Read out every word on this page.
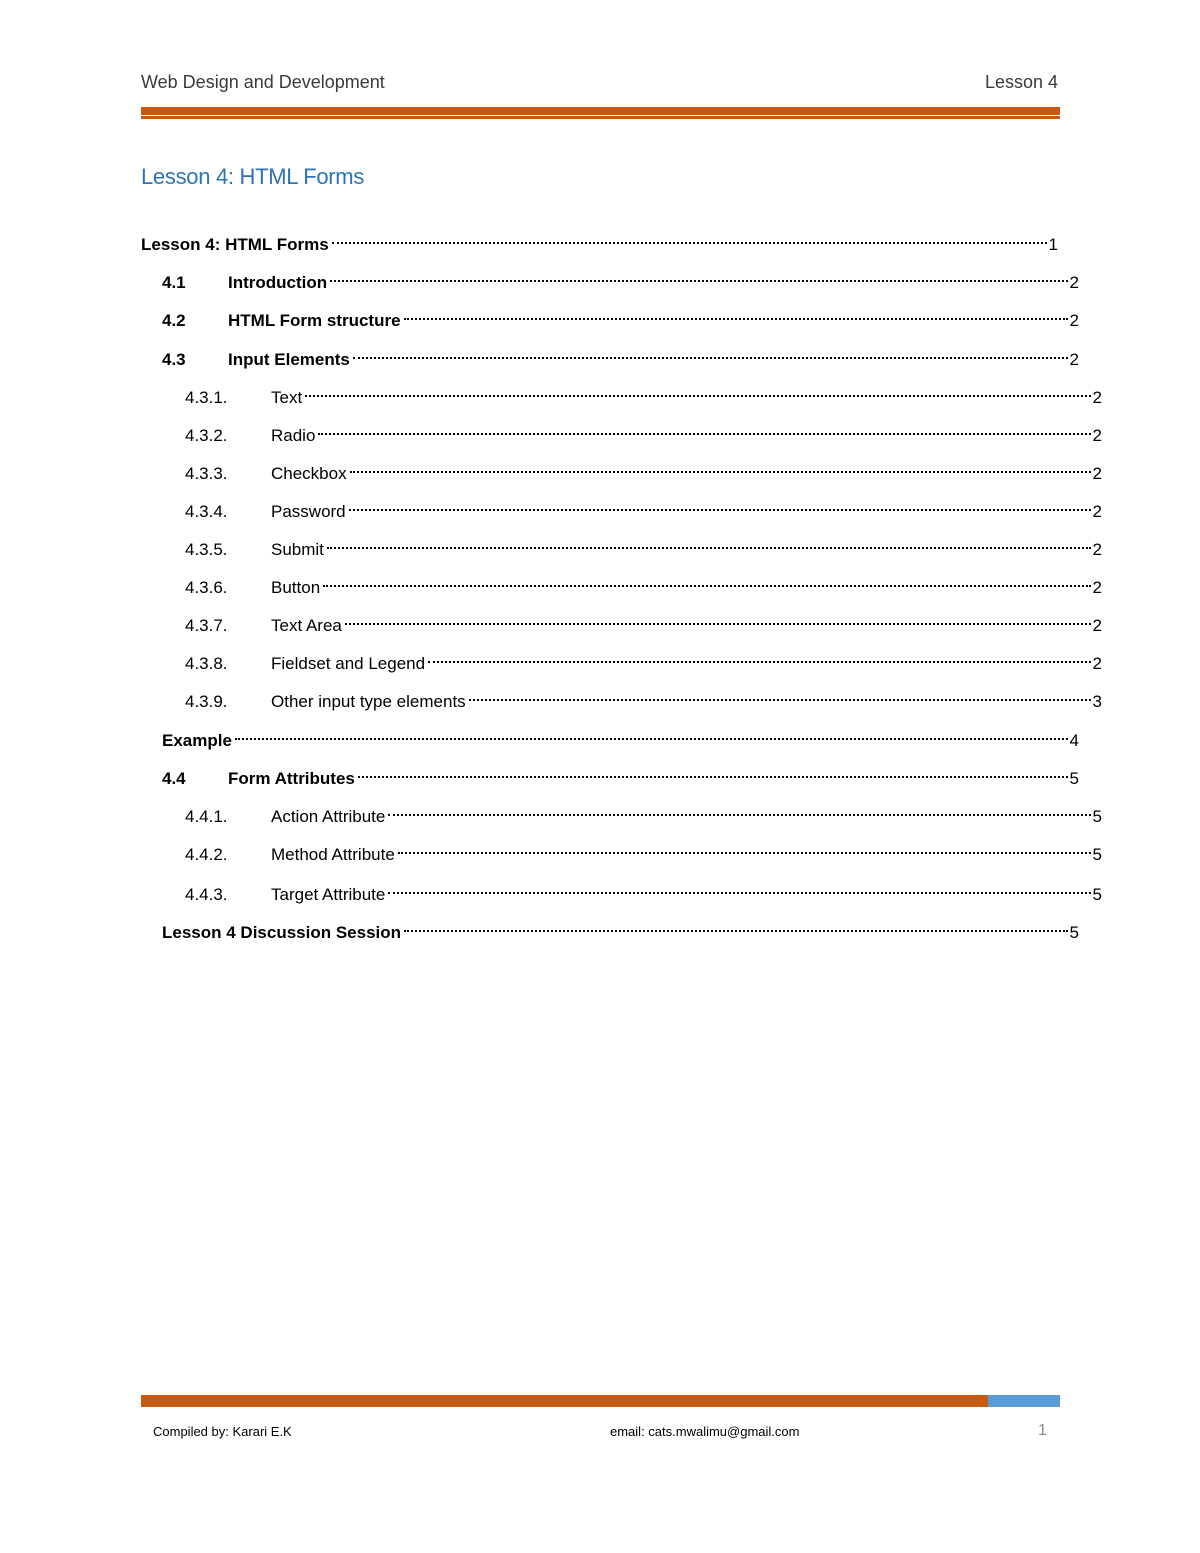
Web Design and Development	Lesson 4
Lesson 4: HTML Forms
Lesson 4: HTML Forms	1
4.1	Introduction	2
4.2	HTML Form structure	2
4.3	Input Elements	2
4.3.1.	Text	2
4.3.2.	Radio	2
4.3.3.	Checkbox	2
4.3.4.	Password	2
4.3.5.	Submit	2
4.3.6.	Button	2
4.3.7.	Text Area	2
4.3.8.	Fieldset and Legend	2
4.3.9.	Other input type elements	3
Example	4
4.4	Form Attributes	5
4.4.1.	Action Attribute	5
4.4.2.	Method Attribute	5
4.4.3.	Target Attribute	5
Lesson 4 Discussion Session	5
Compiled by: Karari E.K	email: cats.mwalimu@gmail.com	1
